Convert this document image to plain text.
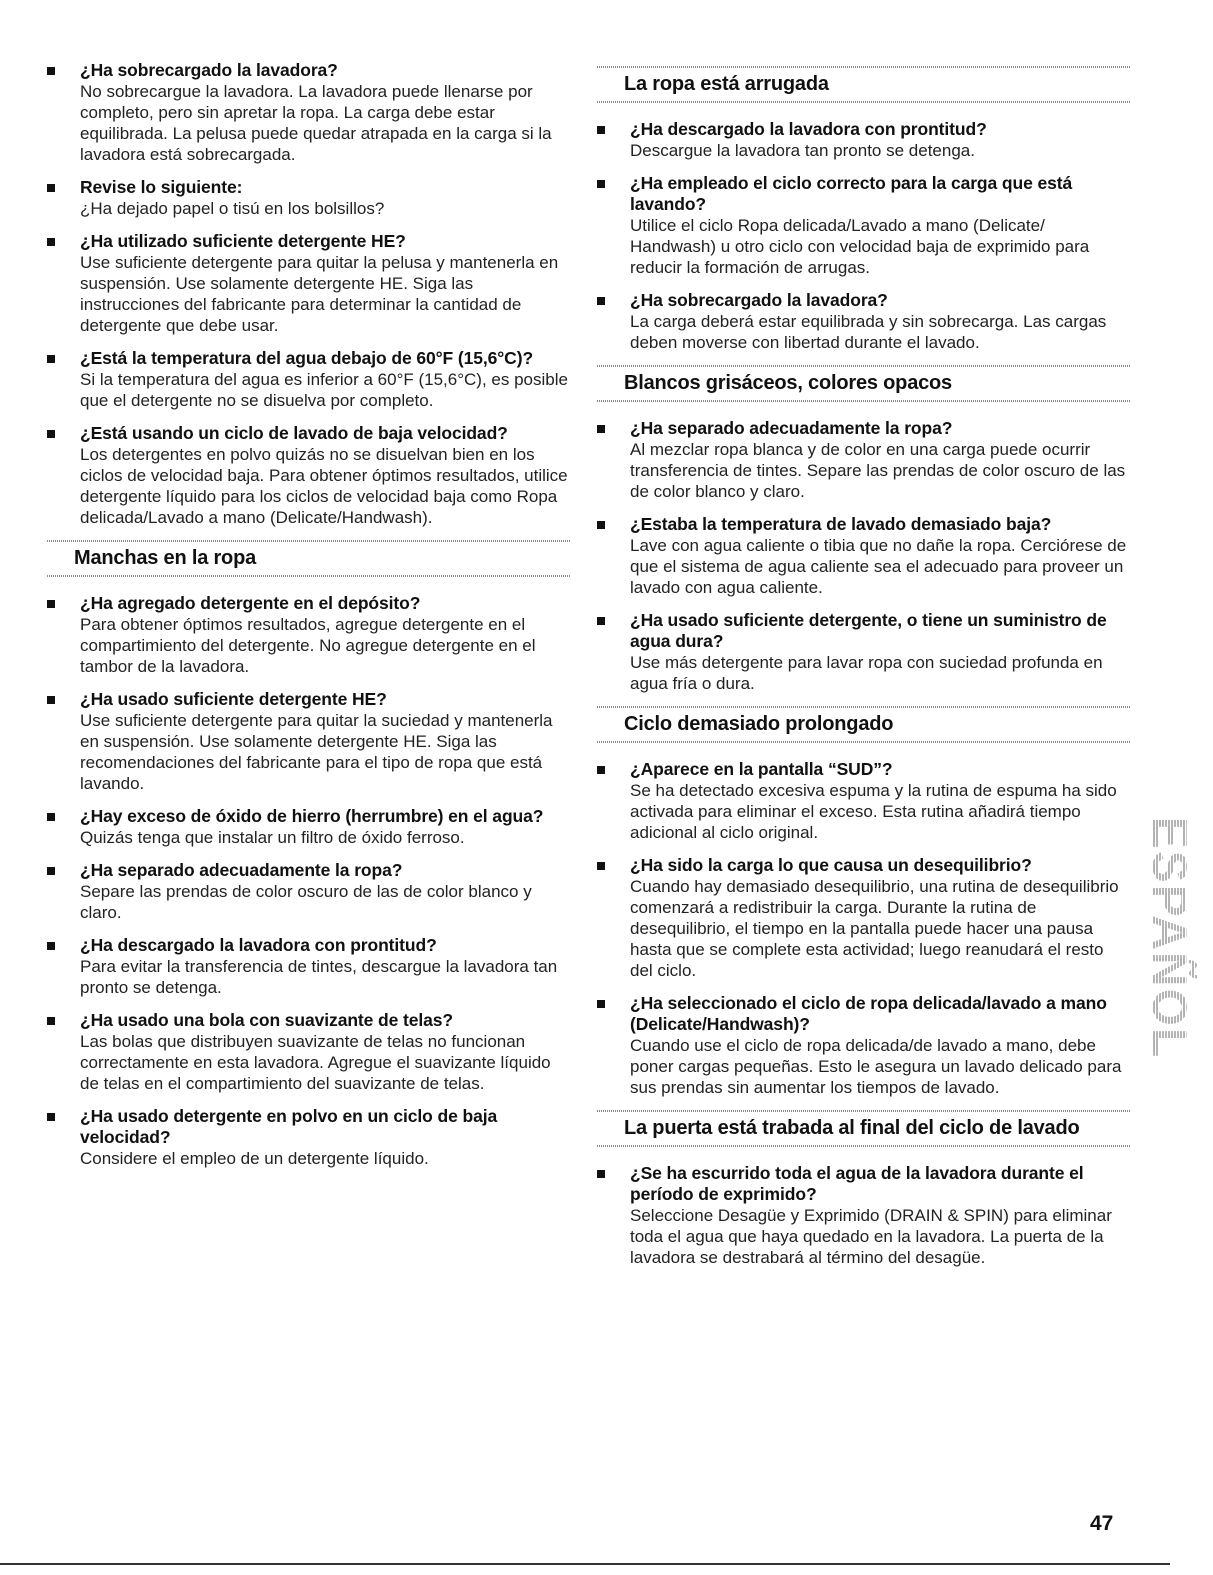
¿Ha sobrecargado la lavadora?
No sobrecargue la lavadora. La lavadora puede llenarse por completo, pero sin apretar la ropa. La carga debe estar equilibrada. La pelusa puede quedar atrapada en la carga si la lavadora está sobrecargada.
Revise lo siguiente:
¿Ha dejado papel o tisú en los bolsillos?
¿Ha utilizado suficiente detergente HE?
Use suficiente detergente para quitar la pelusa y mantenerla en suspensión. Use solamente detergente HE. Siga las instrucciones del fabricante para determinar la cantidad de detergente que debe usar.
¿Está la temperatura del agua debajo de 60°F (15,6°C)?
Si la temperatura del agua es inferior a 60°F (15,6°C), es posible que el detergente no se disuelva por completo.
¿Está usando un ciclo de lavado de baja velocidad?
Los detergentes en polvo quizás no se disuelvan bien en los ciclos de velocidad baja. Para obtener óptimos resultados, utilice detergente líquido para los ciclos de velocidad baja como Ropa delicada/Lavado a mano (Delicate/Handwash).
Manchas en la ropa
¿Ha agregado detergente en el depósito?
Para obtener óptimos resultados, agregue detergente en el compartimiento del detergente. No agregue detergente en el tambor de la lavadora.
¿Ha usado suficiente detergente HE?
Use suficiente detergente para quitar la suciedad y mantenerla en suspensión. Use solamente detergente HE. Siga las recomendaciones del fabricante para el tipo de ropa que está lavando.
¿Hay exceso de óxido de hierro (herrumbre) en el agua?
Quizás tenga que instalar un filtro de óxido ferroso.
¿Ha separado adecuadamente la ropa?
Separe las prendas de color oscuro de las de color blanco y claro.
¿Ha descargado la lavadora con prontitud?
Para evitar la transferencia de tintes, descargue la lavadora tan pronto se detenga.
¿Ha usado una bola con suavizante de telas?
Las bolas que distribuyen suavizante de telas no funcionan correctamente en esta lavadora. Agregue el suavizante líquido de telas en el compartimiento del suavizante de telas.
¿Ha usado detergente en polvo en un ciclo de baja velocidad?
Considere el empleo de un detergente líquido.
La ropa está arrugada
¿Ha descargado la lavadora con prontitud?
Descargue la lavadora tan pronto se detenga.
¿Ha empleado el ciclo correcto para la carga que está lavando?
Utilice el ciclo Ropa delicada/Lavado a mano (Delicate/ Handwash) u otro ciclo con velocidad baja de exprimido para reducir la formación de arrugas.
¿Ha sobrecargado la lavadora?
La carga deberá estar equilibrada y sin sobrecarga. Las cargas deben moverse con libertad durante el lavado.
Blancos grisáceos, colores opacos
¿Ha separado adecuadamente la ropa?
Al mezclar ropa blanca y de color en una carga puede ocurrir transferencia de tintes. Separe las prendas de color oscuro de las de color blanco y claro.
¿Estaba la temperatura de lavado demasiado baja?
Lave con agua caliente o tibia que no dañe la ropa. Cerciórese de que el sistema de agua caliente sea el adecuado para proveer un lavado con agua caliente.
¿Ha usado suficiente detergente, o tiene un suministro de agua dura?
Use más detergente para lavar ropa con suciedad profunda en agua fría o dura.
Ciclo demasiado prolongado
¿Aparece en la pantalla “SUD”?
Se ha detectado excesiva espuma y la rutina de espuma ha sido activada para eliminar el exceso. Esta rutina añadirá tiempo adicional al ciclo original.
¿Ha sido la carga lo que causa un desequilibrio?
Cuando hay demasiado desequilibrio, una rutina de desequilibrio comenzará a redistribuir la carga. Durante la rutina de desequilibrio, el tiempo en la pantalla puede hacer una pausa hasta que se complete esta actividad; luego reanudará el resto del ciclo.
¿Ha seleccionado el ciclo de ropa delicada/lavado a mano (Delicate/Handwash)?
Cuando use el ciclo de ropa delicada/de lavado a mano, debe poner cargas pequeñas. Esto le asegura un lavado delicado para sus prendas sin aumentar los tiempos de lavado.
La puerta está trabada al final del ciclo de lavado
¿Se ha escurrido toda el agua de la lavadora durante el período de exprimido?
Seleccione Desagüe y Exprimido (DRAIN & SPIN) para eliminar toda el agua que haya quedado en la lavadora. La puerta de la lavadora se destrabará al término del desagüe.
ESPAÑOL
47
